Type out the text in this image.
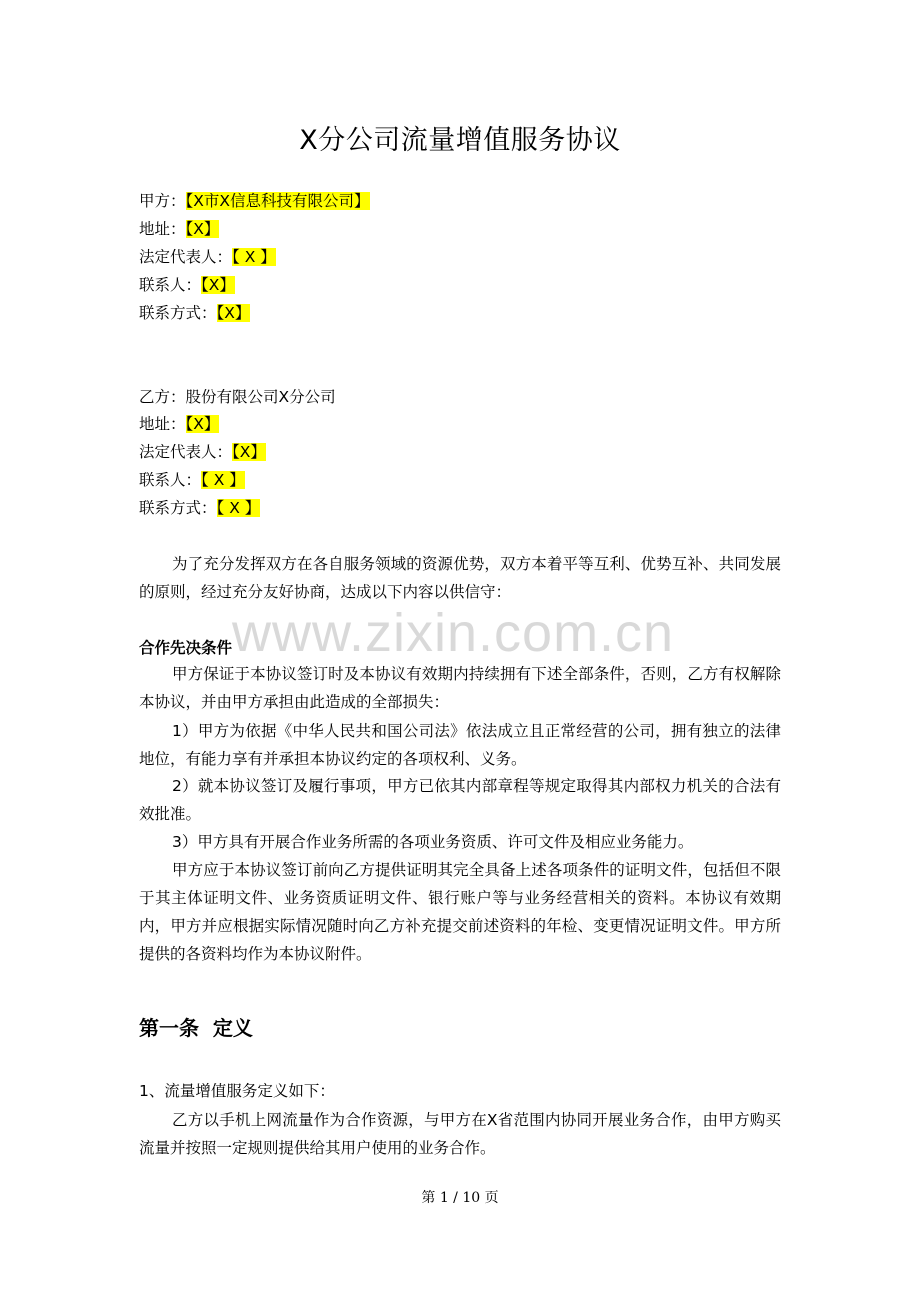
X分公司流量增值服务协议
甲方：【X市X信息科技有限公司】
地址：【X】
法定代表人：【 X 】
联系人：【X】
联系方式：【X】
乙方：股份有限公司X分公司
地址：【X】
法定代表人：【X】
联系人：【 X 】
联系方式：【 X 】
为了充分发挥双方在各自服务领域的资源优势，双方本着平等互利、优势互补、共同发展的原则，经过充分友好协商，达成以下内容以供信守：
www.zixin.com.cn
合作先决条件
甲方保证于本协议签订时及本协议有效期内持续拥有下述全部条件，否则，乙方有权解除本协议，并由甲方承担由此造成的全部损失：
1）甲方为依据《中华人民共和国公司法》依法成立且正常经营的公司，拥有独立的法律地位，有能力享有并承担本协议约定的各项权利、义务。
2）就本协议签订及履行事项，甲方已依其内部章程等规定取得其内部权力机关的合法有效批准。
3）甲方具有开展合作业务所需的各项业务资质、许可文件及相应业务能力。
甲方应于本协议签订前向乙方提供证明其完全具备上述各项条件的证明文件，包括但不限于其主体证明文件、业务资质证明文件、银行账户等与业务经营相关的资料。本协议有效期内，甲方并应根据实际情况随时向乙方补充提交前述资料的年检、变更情况证明文件。甲方所提供的各资料均作为本协议附件。
第一条  定义
1、流量增值服务定义如下：
乙方以手机上网流量作为合作资源，与甲方在X省范围内协同开展业务合作，由甲方购买流量并按照一定规则提供给其用户使用的业务合作。
第 1 / 10 页
